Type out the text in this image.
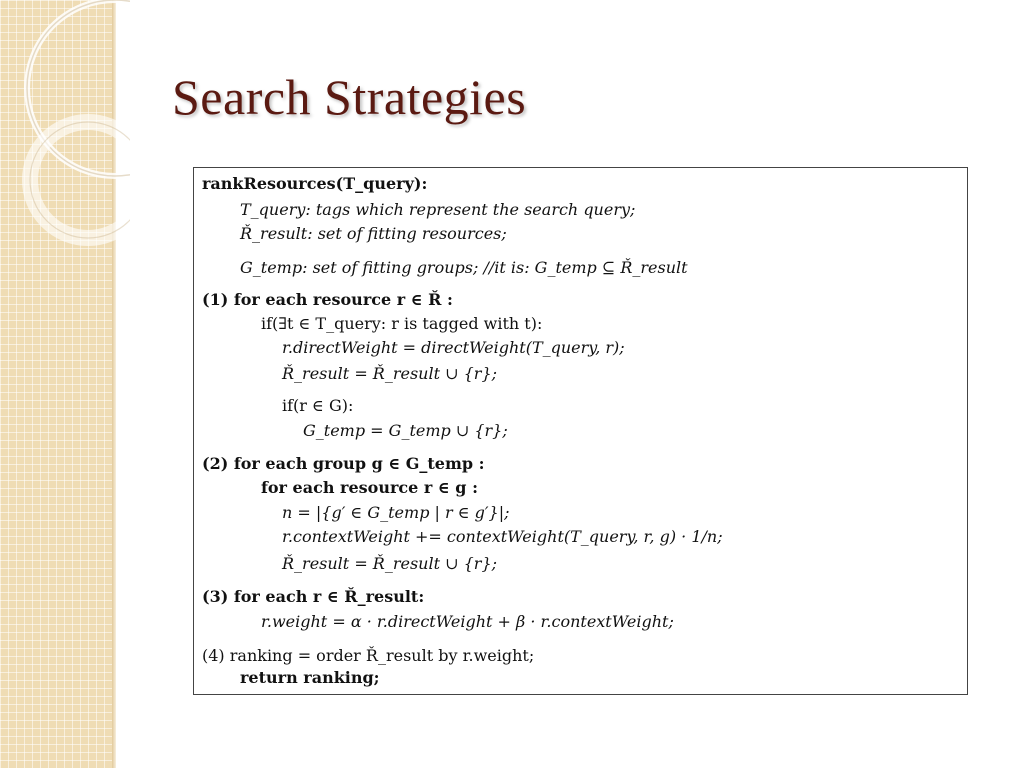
Search Strategies
rankResources(T_query):
T_query: tags which represent the search query;
Ř_result: set of fitting resources;
G_temp: set of fitting groups; //it is: G_temp ⊆ Ř_result
(1) for each resource r ∈ Ř :
if(∃t ∈ T_query: r is tagged with t):
r.directWeight = directWeight(T_query, r);
Ř_result = Ř_result ∪ {r};
if(r ∈ G):
G_temp = G_temp ∪ {r};
(2) for each group g ∈ G_temp :
for each resource r ∈ g :
n = |{g′ ∈ G_temp | r ∈ g′}|;
r.contextWeight += contextWeight(T_query, r, g) · 1/n;
Ř_result = Ř_result ∪ {r};
(3) for each r ∈ Ř_result:
r.weight = α · r.directWeight + β · r.contextWeight;
(4) ranking = order Ř_result by r.weight;
return ranking;
